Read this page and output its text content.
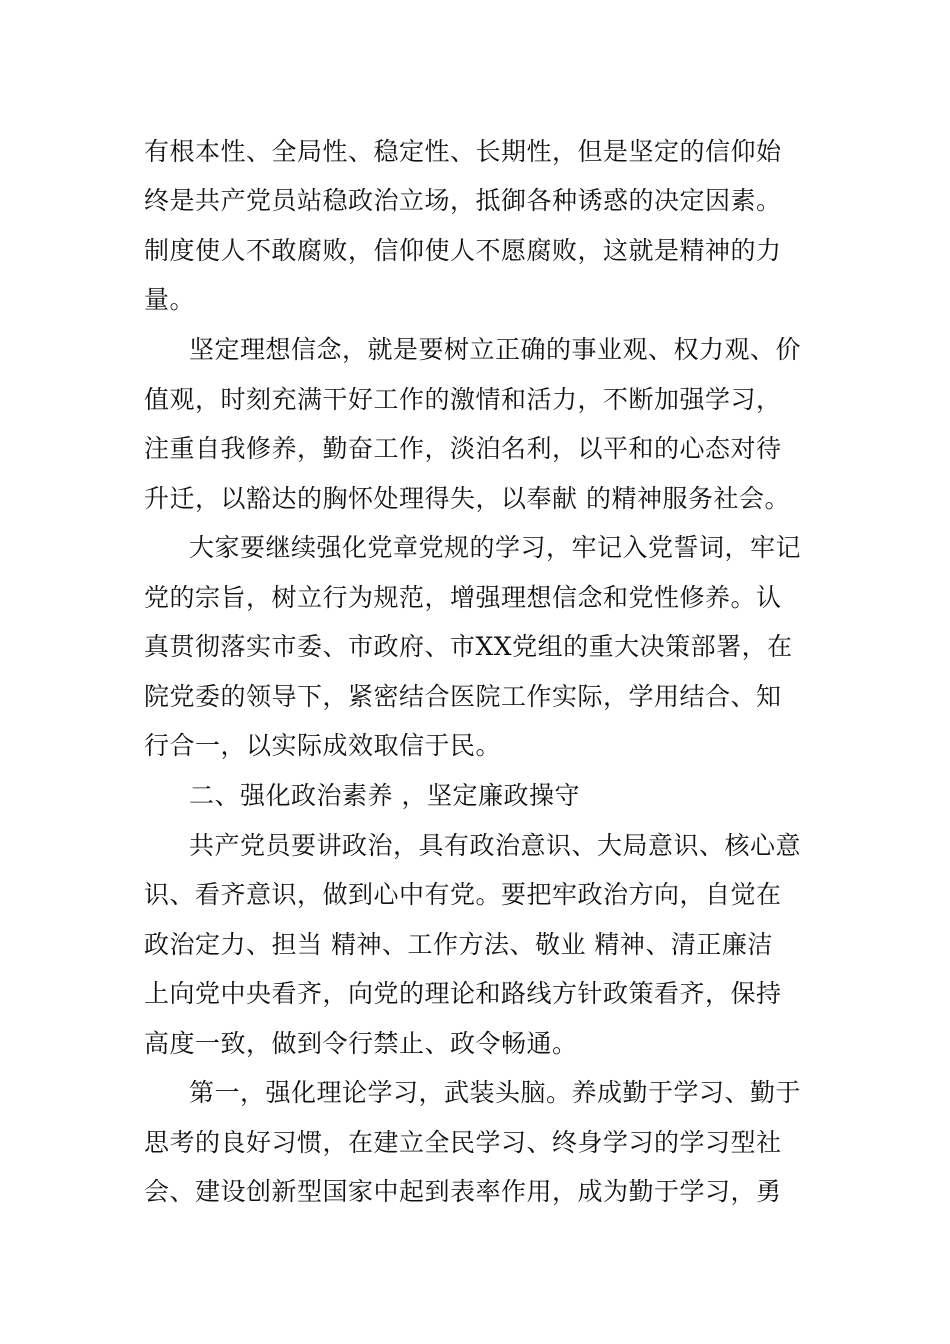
有根本性、全局性、稳定性、长期性，但是坚定的信仰始
终是共产党员站稳政治立场，抵御各种诱惑的决定因素。
制度使人不敢腐败，信仰使人不愿腐败，这就是精神的力
量。
坚定理想信念，就是要树立正确的事业观、权力观、价
值观，时刻充满干好工作的激情和活力，不断加强学习，
注重自我修养，勤奋工作，淡泊名利，以平和的心态对待
升迁，以豁达的胸怀处理得失，以奉献 的精神服务社会。
大家要继续强化党章党规的学习，牢记入党誓词，牢记
党的宗旨，树立行为规范，增强理想信念和党性修养。认
真贯彻落实市委、市政府、市XX党组的重大决策部署，在
院党委的领导下，紧密结合医院工作实际，学用结合、知
行合一，以实际成效取信于民。
二、强化政治素养 ，坚定廉政操守
共产党员要讲政治，具有政治意识、大局意识、核心意
识、看齐意识，做到心中有党。要把牢政治方向，自觉在
政治定力、担当 精神、工作方法、敬业 精神、清正廉洁
上向党中央看齐，向党的理论和路线方针政策看齐，保持
高度一致，做到令行禁止、政令畅通。
第一，强化理论学习，武装头脑。养成勤于学习、勤于
思考的良好习惯，在建立全民学习、终身学习的学习型社
会、建设创新型国家中起到表率作用，成为勤于学习，勇
